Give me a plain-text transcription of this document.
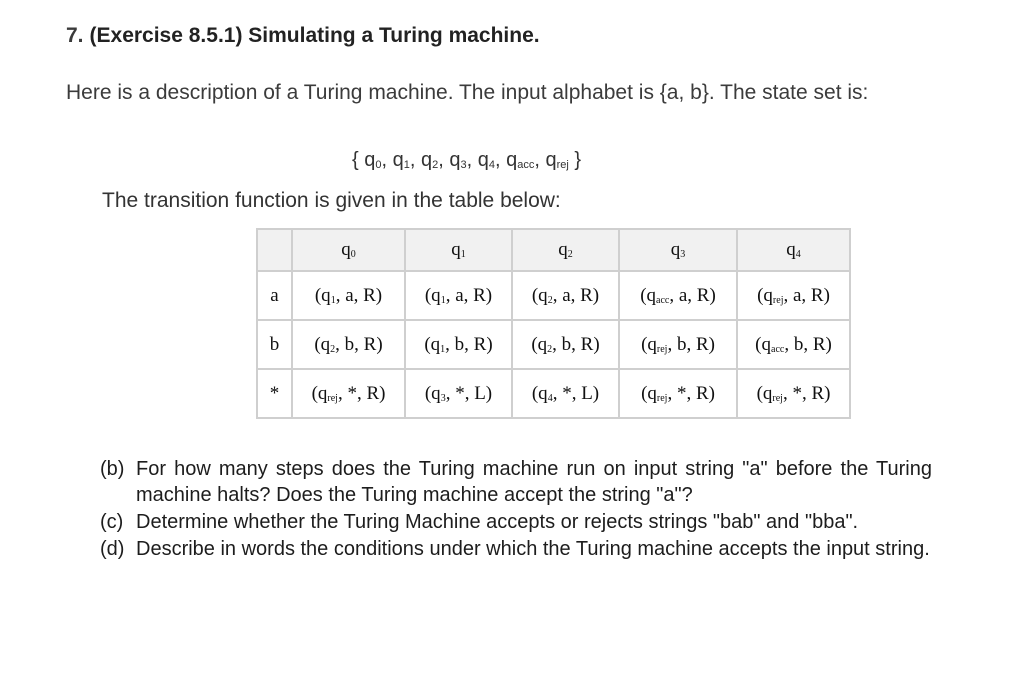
7. (Exercise 8.5.1) Simulating a Turing machine.
Here is a description of a Turing machine. The input alphabet is {a, b}. The state set is:
{ $q_0$, $q_1$, $q_2$, $q_3$, $q_4$, $q_{acc}$, $q_{rej}$ }
The transition function is given in the table below:
	q0	q1	q2	q3	q4
a	(q1, a, R)	(q1, a, R)	(q2, a, R)	(qacc, a, R)	(qrej, a, R)
b	(q2, b, R)	(q1, b, R)	(q2, b, R)	(qrej, b, R)	(qacc, b, R)
*	(qrej, *, R)	(q3, *, L)	(q4, *, L)	(qrej, *, R)	(qrej, *, R)
(b) For how many steps does the Turing machine run on input string "a" before the Turing machine halts? Does the Turing machine accept the string "a"?
(c) Determine whether the Turing Machine accepts or rejects strings "bab" and "bba".
(d) Describe in words the conditions under which the Turing machine accepts the input string.
